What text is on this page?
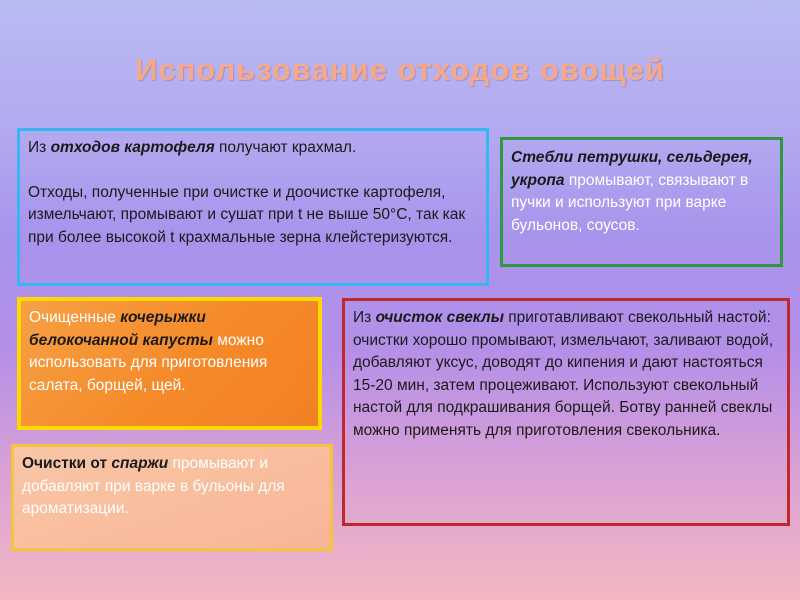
Использование отходов овощей

Из отходов картофеля получают крахмал.

Отходы, полученные при очистке и доочистке картофеля, измельчают, промывают и сушат при t не выше 50°С, так как при более высокой t крахмальные зерна клейстеризуются.

Стебли петрушки, сельдерея, укропа промывают, связывают в пучки и используют при варке бульонов, соусов.
Очищенные кочерыжки белокочанной капусты можно использовать для приготовления салата, борщей, щей.
Очистки от спаржи промывают и добавляют при варке в бульоны для ароматизации.
Из очисток свеклы приготавливают свекольный настой: очистки хорошо промывают, измельчают, заливают водой, добавляют уксус, доводят до кипения и дают настояться 15-20 мин, затем процеживают. Используют свекольный настой для подкрашивания борщей. Ботву ранней свеклы можно применять для приготовления свекольника.
